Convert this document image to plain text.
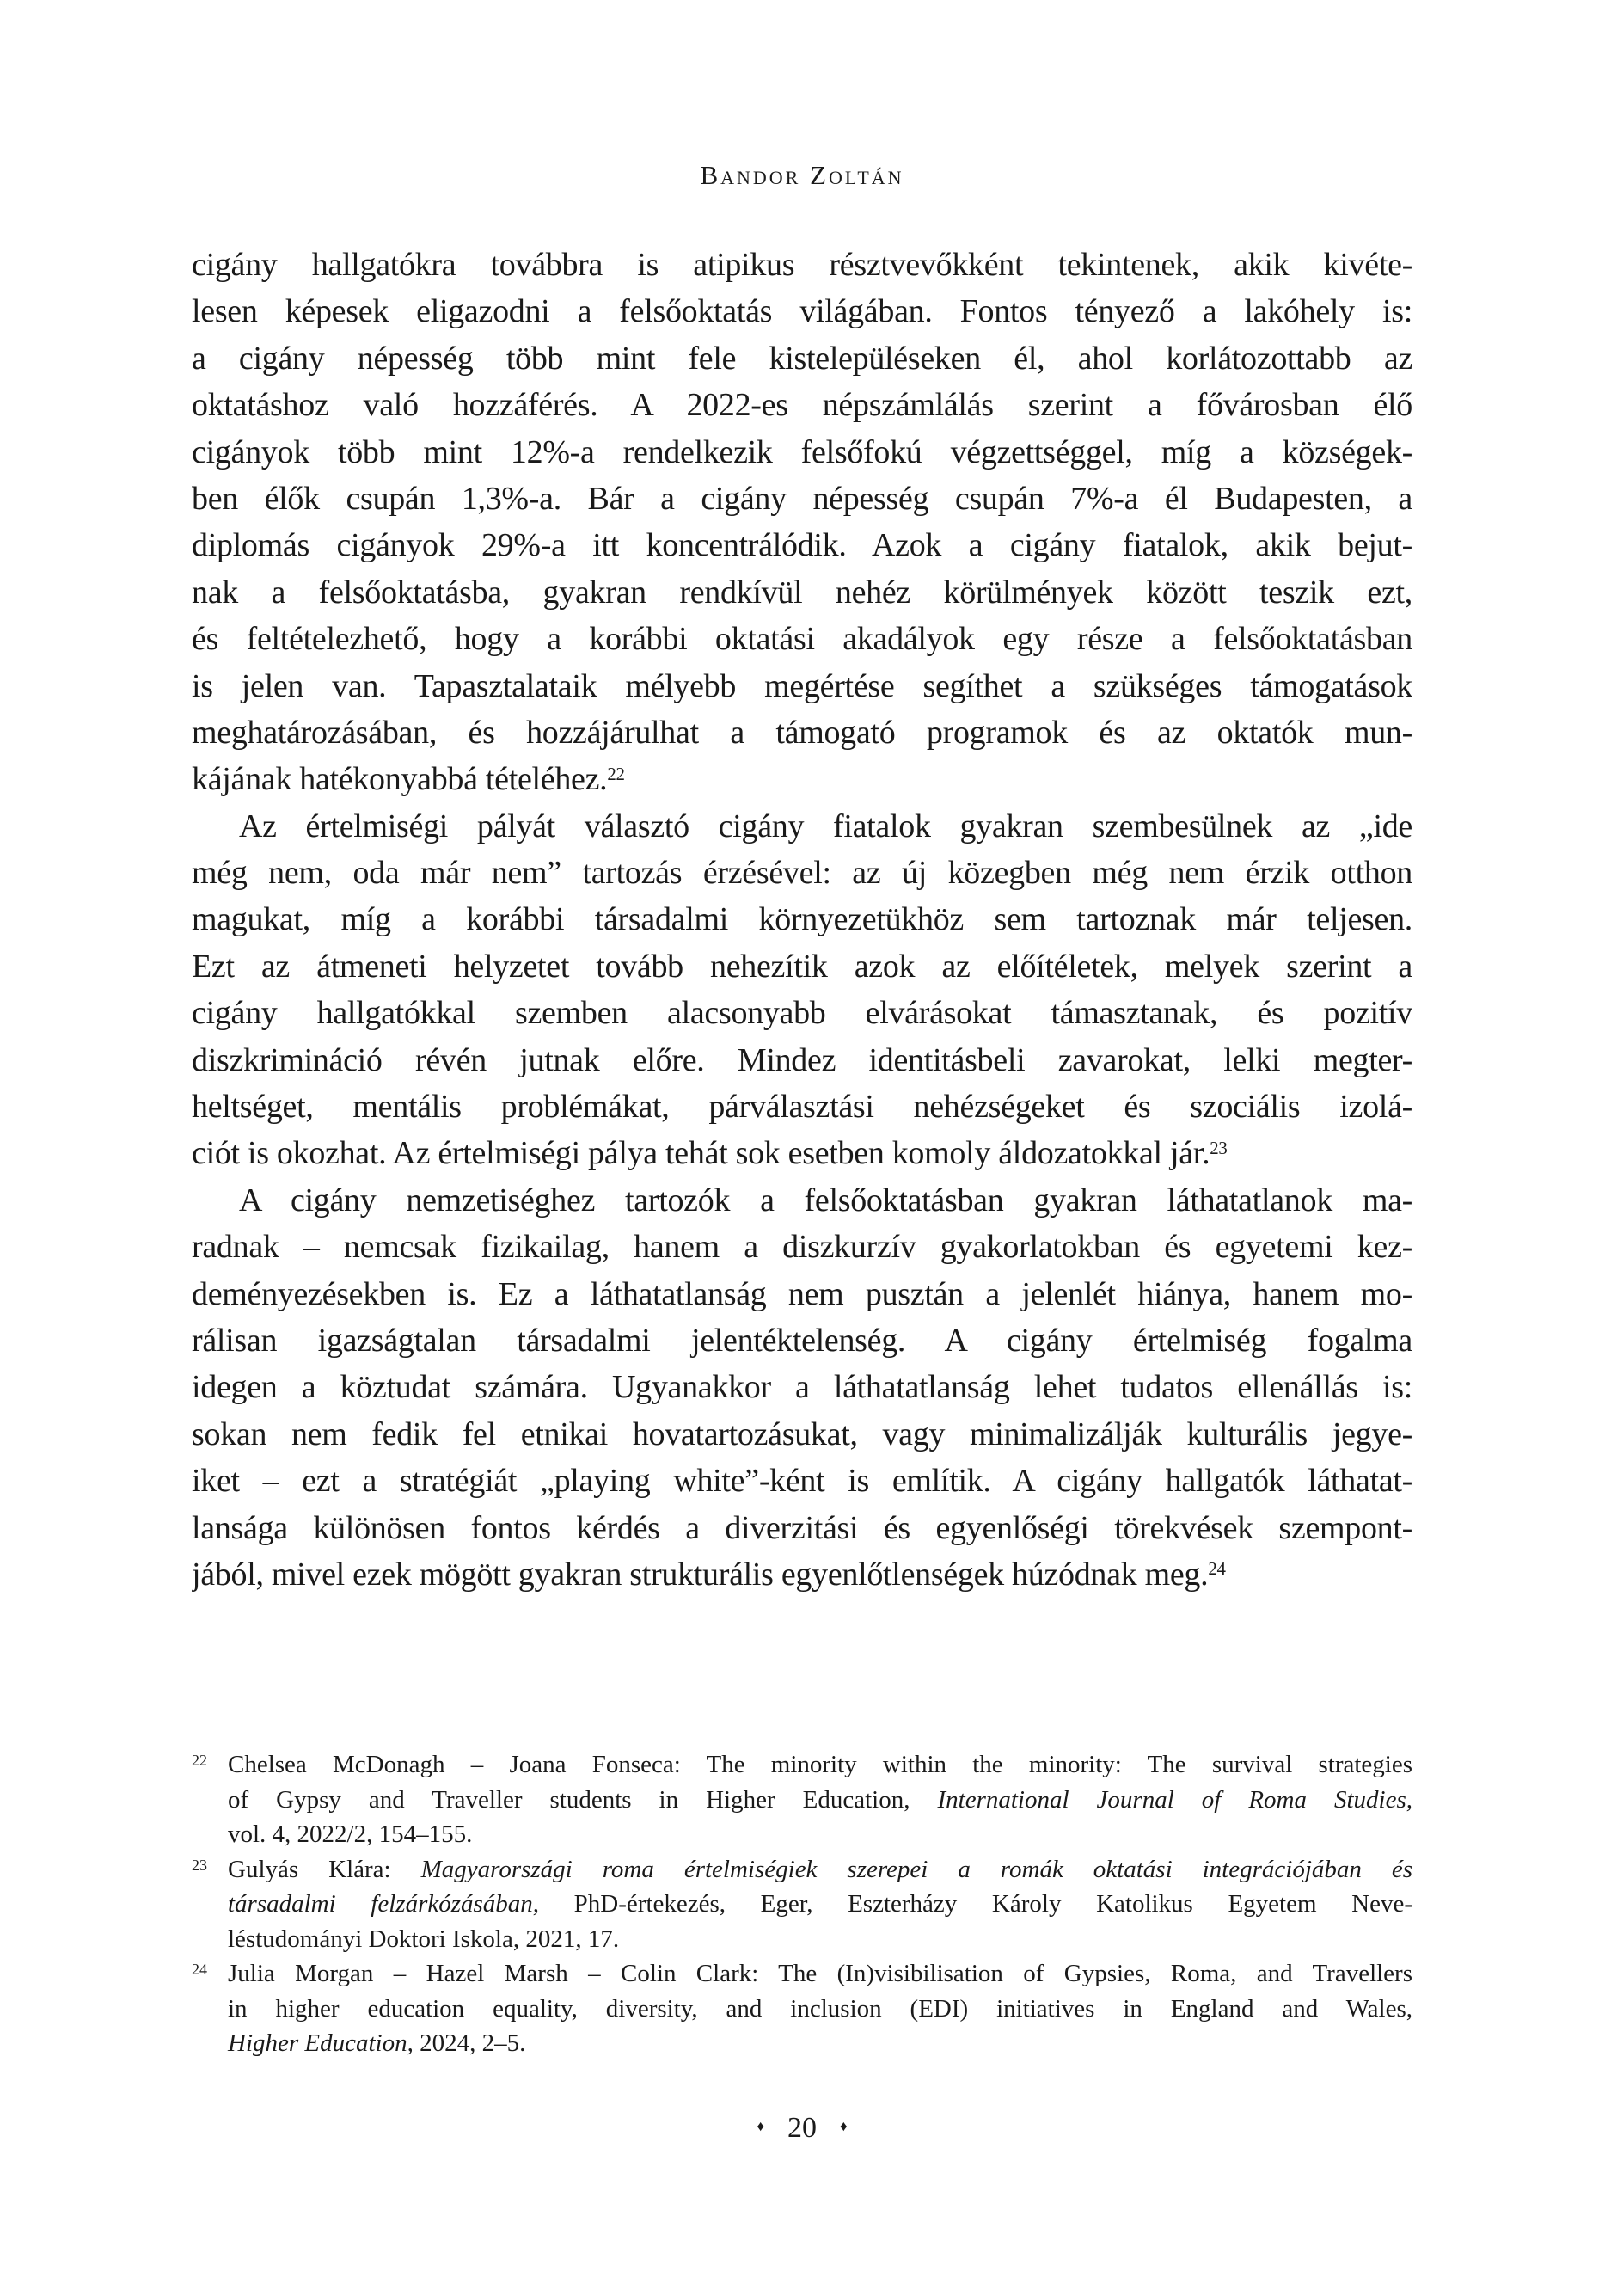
Bandor Zoltán
cigány hallgatókra továbbra is atipikus résztvevőkként tekintenek, akik kivéte-
lesen képesek eligazodni a felsőoktatás világában. Fontos tényező a lakóhely is:
a cigány népesség több mint fele kistelepüléseken él, ahol korlátozottabb az
oktatáshoz való hozzáférés. A 2022-es népszámlálás szerint a fővárosban élő
cigányok több mint 12%-a rendelkezik felsőfokú végzettséggel, míg a községek-
ben élők csupán 1,3%-a. Bár a cigány népesség csupán 7%-a él Budapesten, a
diplomás cigányok 29%-a itt koncentrálódik. Azok a cigány fiatalok, akik bejut-
nak a felsőoktatásba, gyakran rendkívül nehéz körülmények között teszik ezt,
és feltételezhető, hogy a korábbi oktatási akadályok egy része a felsőoktatásban
is jelen van. Tapasztalataik mélyebb megértése segíthet a szükséges támogatások
meghatározásában, és hozzájárulhat a támogató programok és az oktatók mun-
kájának hatékonyabbá tételéhez.$^{22}$
Az értelmiségi pályát választó cigány fiatalok gyakran szembesülnek az „ide
még nem, oda már nem” tartozás érzésével: az új közegben még nem érzik otthon
magukat, míg a korábbi társadalmi környezetükhöz sem tartoznak már teljesen.
Ezt az átmeneti helyzetet tovább nehezítik azok az előítéletek, melyek szerint a
cigány hallgatókkal szemben alacsonyabb elvárásokat támasztanak, és pozitív
diszkrimináció révén jutnak előre. Mindez identitásbeli zavarokat, lelki megter-
heltséget, mentális problémákat, párválasztási nehézségeket és szociális izolá-
ciót is okozhat. Az értelmiségi pálya tehát sok esetben komoly áldozatokkal jár.$^{23}$
A cigány nemzetiséghez tartozók a felsőoktatásban gyakran láthatatlanok ma-
radnak – nemcsak fizikailag, hanem a diszkurzív gyakorlatokban és egyetemi kez-
deményezésekben is. Ez a láthatatlanság nem pusztán a jelenlét hiánya, hanem mo-
rálisan igazságtalan társadalmi jelentéktelenség. A cigány értelmiség fogalma
idegen a köztudat számára. Ugyanakkor a láthatatlanság lehet tudatos ellenállás is:
sokan nem fedik fel etnikai hovatartozásukat, vagy minimalizálják kulturális jegye-
iket – ezt a stratégiát „playing white”-ként is említik. A cigány hallgatók láthatat-
lansága különösen fontos kérdés a diverzitási és egyenlőségi törekvések szempont-
jából, mivel ezek mögött gyakran strukturális egyenlőtlenségek húzódnak meg.$^{24}$
22 Chelsea McDonagh – Joana Fonseca: The minority within the minority: The survival strategies
of Gypsy and Traveller students in Higher Education, International Journal of Roma Studies,
vol. 4, 2022/2, 154–155.
23 Gulyás Klára: Magyarországi roma értelmiségiek szerepei a romák oktatási integrációjában és
társadalmi felzárkózásában, PhD-értekezés, Eger, Eszterházy Károly Katolikus Egyetem Neve-
léstudományi Doktori Iskola, 2021, 17.
24 Julia Morgan – Hazel Marsh – Colin Clark: The (In)visibilisation of Gypsies, Roma, and Travellers
in higher education equality, diversity, and inclusion (EDI) initiatives in England and Wales,
Higher Education, 2024, 2–5.
♦ 20 ♦
